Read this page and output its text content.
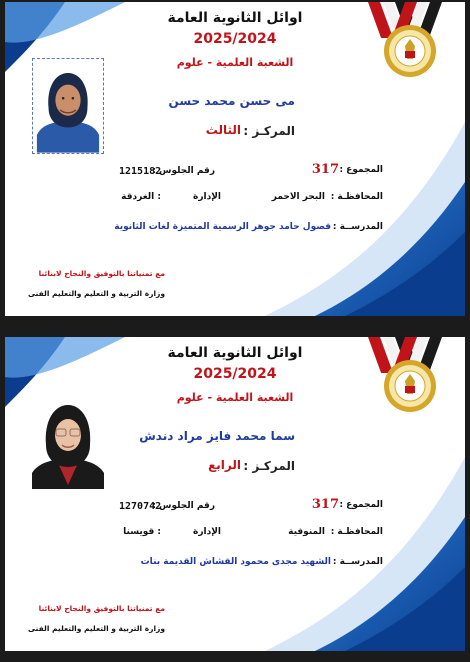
اوائل الثانوية العامة
2025/2024
الشعبة العلمية - علوم
مى حسن محمد حسن
المركـز :
الثالث
المجموع :
317
رقم الجلوس :
1215182
المحافظـة :
البحر الاحمر
الإدارة
: الغردقة
المدرســة :
فصول حامد جوهر الرسمية المتميزة لغات الثانوية
مع تمنياتنا بالتوفيق والنجاح لابنائنا
وزارة التربية و التعليم والتعليم الفنى
اوائل الثانوية العامة
2025/2024
الشعبة العلمية - علوم
سما محمد فايز مراد دندش
المركـز :
الرابع
المجموع :
317
رقم الجلوس :
1270742
المحافظـة :
المنوفية
الإدارة
: قويسنا
المدرســة :
الشهيد مجدى محمود القشاش القديمة بنات
مع تمنياتنا بالتوفيق والنجاح لابنائنا
وزارة التربية و التعليم والتعليم الفنى
